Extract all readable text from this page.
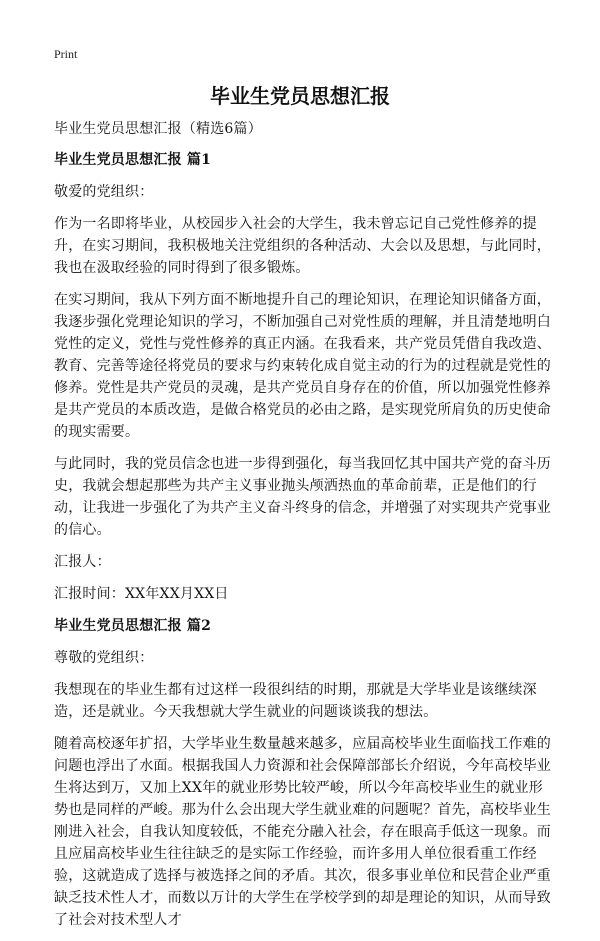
Print
毕业生党员思想汇报

毕业生党员思想汇报（精选6篇）

毕业生党员思想汇报 篇1

敬爱的党组织：

作为一名即将毕业，从校园步入社会的大学生，我未曾忘记自己党性修养的提升，在实习期间，我积极地关注党组织的各种活动、大会以及思想，与此同时，我也在汲取经验的同时得到了很多锻炼。

在实习期间，我从下列方面不断地提升自己的理论知识，在理论知识储备方面，我逐步强化党理论知识的学习，不断加强自己对党性质的理解，并且清楚地明白党性的定义，党性与党性修养的真正内涵。在我看来，共产党员凭借自我改造、教育、完善等途径将党员的要求与约束转化成自觉主动的行为的过程就是党性的修养。党性是共产党员的灵魂，是共产党员自身存在的价值，所以加强党性修养是共产党员的本质改造，是做合格党员的必由之路，是实现党所肩负的历史使命的现实需要。

与此同时，我的党员信念也进一步得到强化，每当我回忆其中国共产党的奋斗历史，我就会想起那些为共产主义事业抛头颅洒热血的革命前辈，正是他们的行动，让我进一步强化了为共产主义奋斗终身的信念，并增强了对实现共产党事业的信心。

汇报人：

汇报时间：XX年XX月XX日

毕业生党员思想汇报 篇2

尊敬的党组织：

我想现在的毕业生都有过这样一段很纠结的时期，那就是大学毕业是该继续深造，还是就业。今天我想就大学生就业的问题谈谈我的想法。

随着高校逐年扩招，大学毕业生数量越来越多，应届高校毕业生面临找工作难的问题也浮出了水面。根据我国人力资源和社会保障部部长介绍说，今年高校毕业生将达到万，又加上XX年的就业形势比较严峻，所以今年高校毕业生的就业形势也是同样的严峻。那为什么会出现大学生就业难的问题呢？首先，高校毕业生刚进入社会，自我认知度较低，不能充分融入社会，存在眼高手低这一现象。而且应届高校毕业生往往缺乏的是实际工作经验，而许多用人单位很看重工作经验，这就造成了选择与被选择之间的矛盾。其次，很多事业单位和民营企业严重缺乏技术性人才，而数以万计的大学生在学校学到的却是理论的知识，从而导致了社会对技术型人才
